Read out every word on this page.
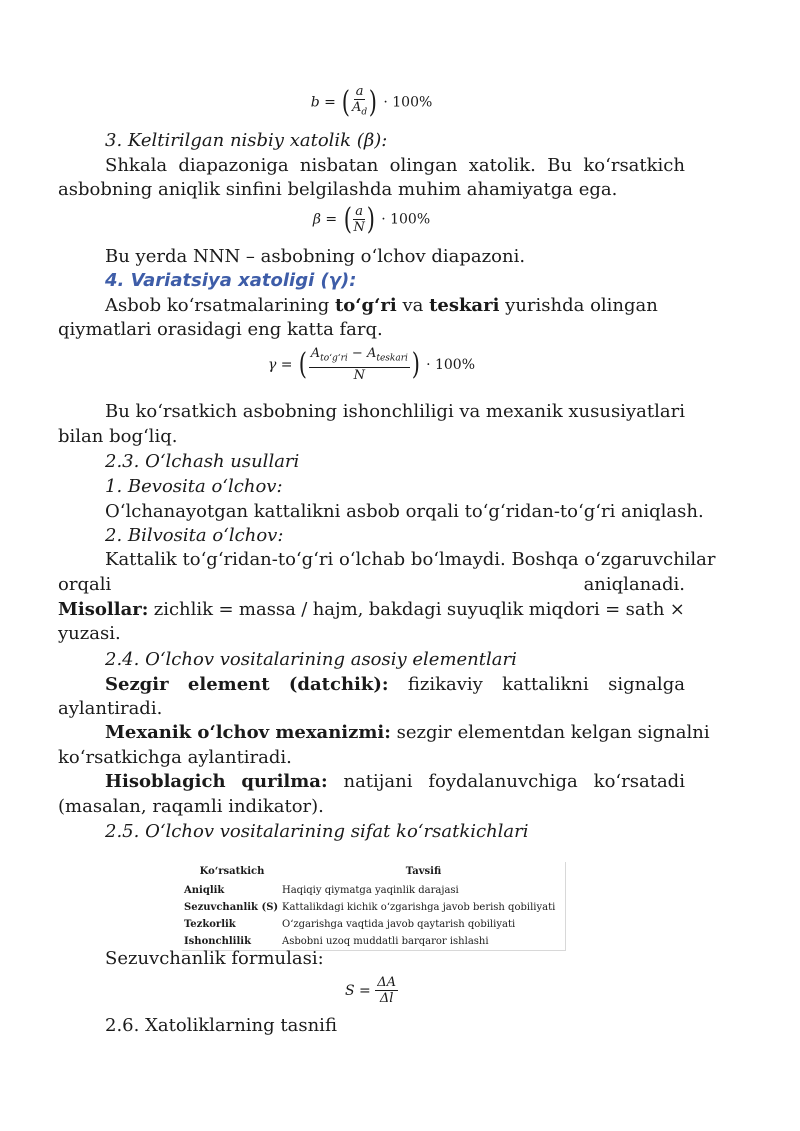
b = ( $\frac{a}{A_d}$ ) · 100%
3. Keltirilgan nisbiy xatolik (β):
Shkala diapazoniga nisbatan olingan xatolik. Bu ko‘rsatkich
asbobning aniqlik sinfini belgilashda muhim ahamiyatga ega.
β = ( $\frac{a}{N}$ ) · 100%
Bu yerda NNN – asbobning o‘lchov diapazoni.
4. Variatsiya xatoligi (γ):
Asbob ko‘rsatmalarining to‘g‘ri va teskari yurishda olingan
qiymatlari orasidagi eng katta farq.
γ = ( $\frac{A_{to‘g‘ri} - A_{teskari}}{N}$ ) · 100%
Bu ko‘rsatkich asbobning ishonchliligi va mexanik xususiyatlari
bilan bog‘liq.
2.3. O‘lchash usullari
1. Bevosita o‘lchov:
O‘lchanayotgan kattalikni asbob orqali to‘g‘ridan-to‘g‘ri aniqlash.
2. Bilvosita o‘lchov:
Kattalik to‘g‘ridan-to‘g‘ri o‘lchab bo‘lmaydi. Boshqa o‘zgaruvchilar
orqali	aniqlanadi.
Misollar: zichlik = massa / hajm, bakdagi suyuqlik miqdori = sath ×
yuzasi.
2.4. O‘lchov vositalarining asosiy elementlari
Sezgir element (datchik): fizikaviy kattalikni signalga
aylantiradi.
Mexanik o‘lchov mexanizmi: sezgir elementdan kelgan signalni
ko‘rsatkichga aylantiradi.
Hisoblagich qurilma: natijani foydalanuvchiga ko‘rsatadi
(masalan, raqamli indikator).
2.5. O‘lchov vositalarining sifat ko‘rsatkichlari
Ko‘rsatkich	Tavsifi
Aniqlik	Haqiqiy qiymatga yaqinlik darajasi
Sezuvchanlik (S)	Kattalikdagi kichik o‘zgarishga javob berish qobiliyati
Tezkorlik	O‘zgarishga vaqtida javob qaytarish qobiliyati
Ishonchlilik	Asbobni uzoq muddatli barqaror ishlashi
Sezuvchanlik formulasi:
$S = \frac{\Delta A}{\Delta l}$
2.6. Xatoliklarning tasnifi
